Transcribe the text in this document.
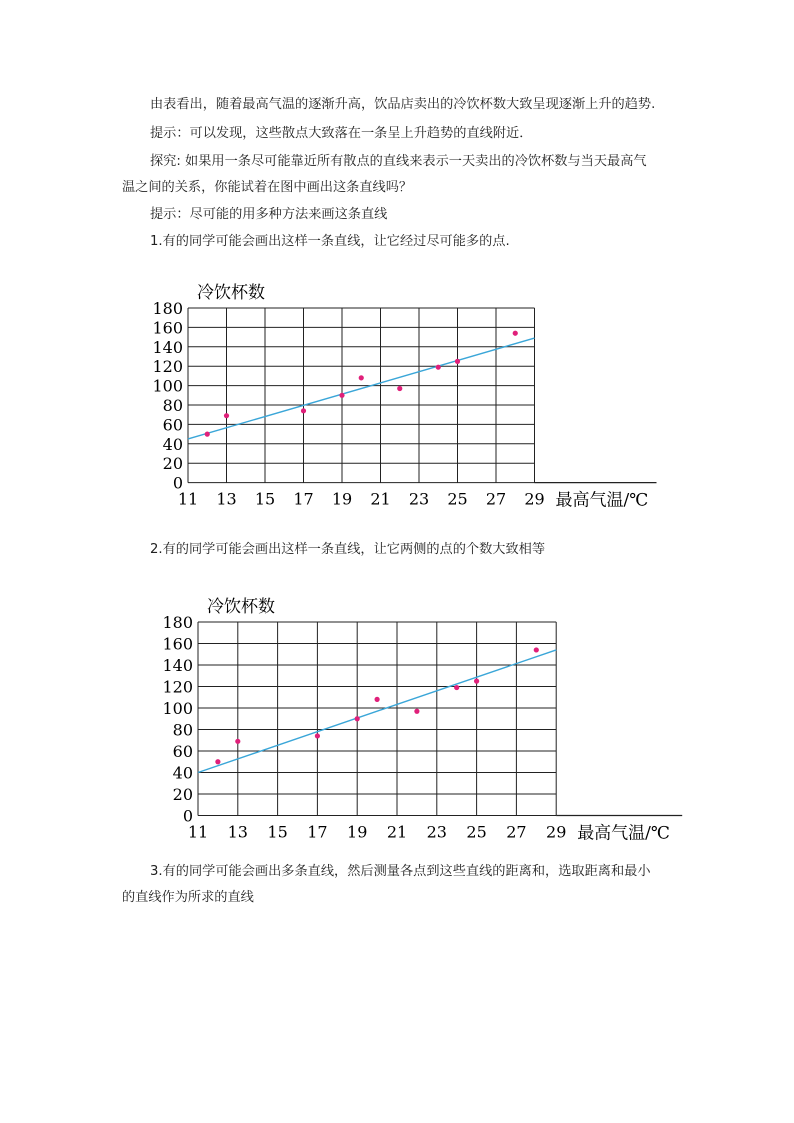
由表看出，随着最高气温的逐渐升高，饮品店卖出的冷饮杯数大致呈现逐渐上升的趋势.

提示：可以发现，这些散点大致落在一条呈上升趋势的直线附近．

探究: 如果用一条尽可能靠近所有散点的直线来表示一天卖出的冷饮杯数与当天最高气

温之间的关系，你能试着在图中画出这条直线吗？

提示：尽可能的用多种方法来画这条直线

1.有的同学可能会画出这样一条直线，让它经过尽可能多的点.

0
20
40
60
80
100
120
140
160
180
11 13 15 17 19 21 23 25 27 29
冷饮杯数
最高气温/℃

2.有的同学可能会画出这样一条直线，让它两侧的点的个数大致相等

0
20
40
60
80
100
120
140
160
180
11 13 15 17 19 21 23 25 27 29
冷饮杯数
最高气温/℃

3.有的同学可能会画出多条直线，然后测量各点到这些直线的距离和，选取距离和最小

的直线作为所求的直线
